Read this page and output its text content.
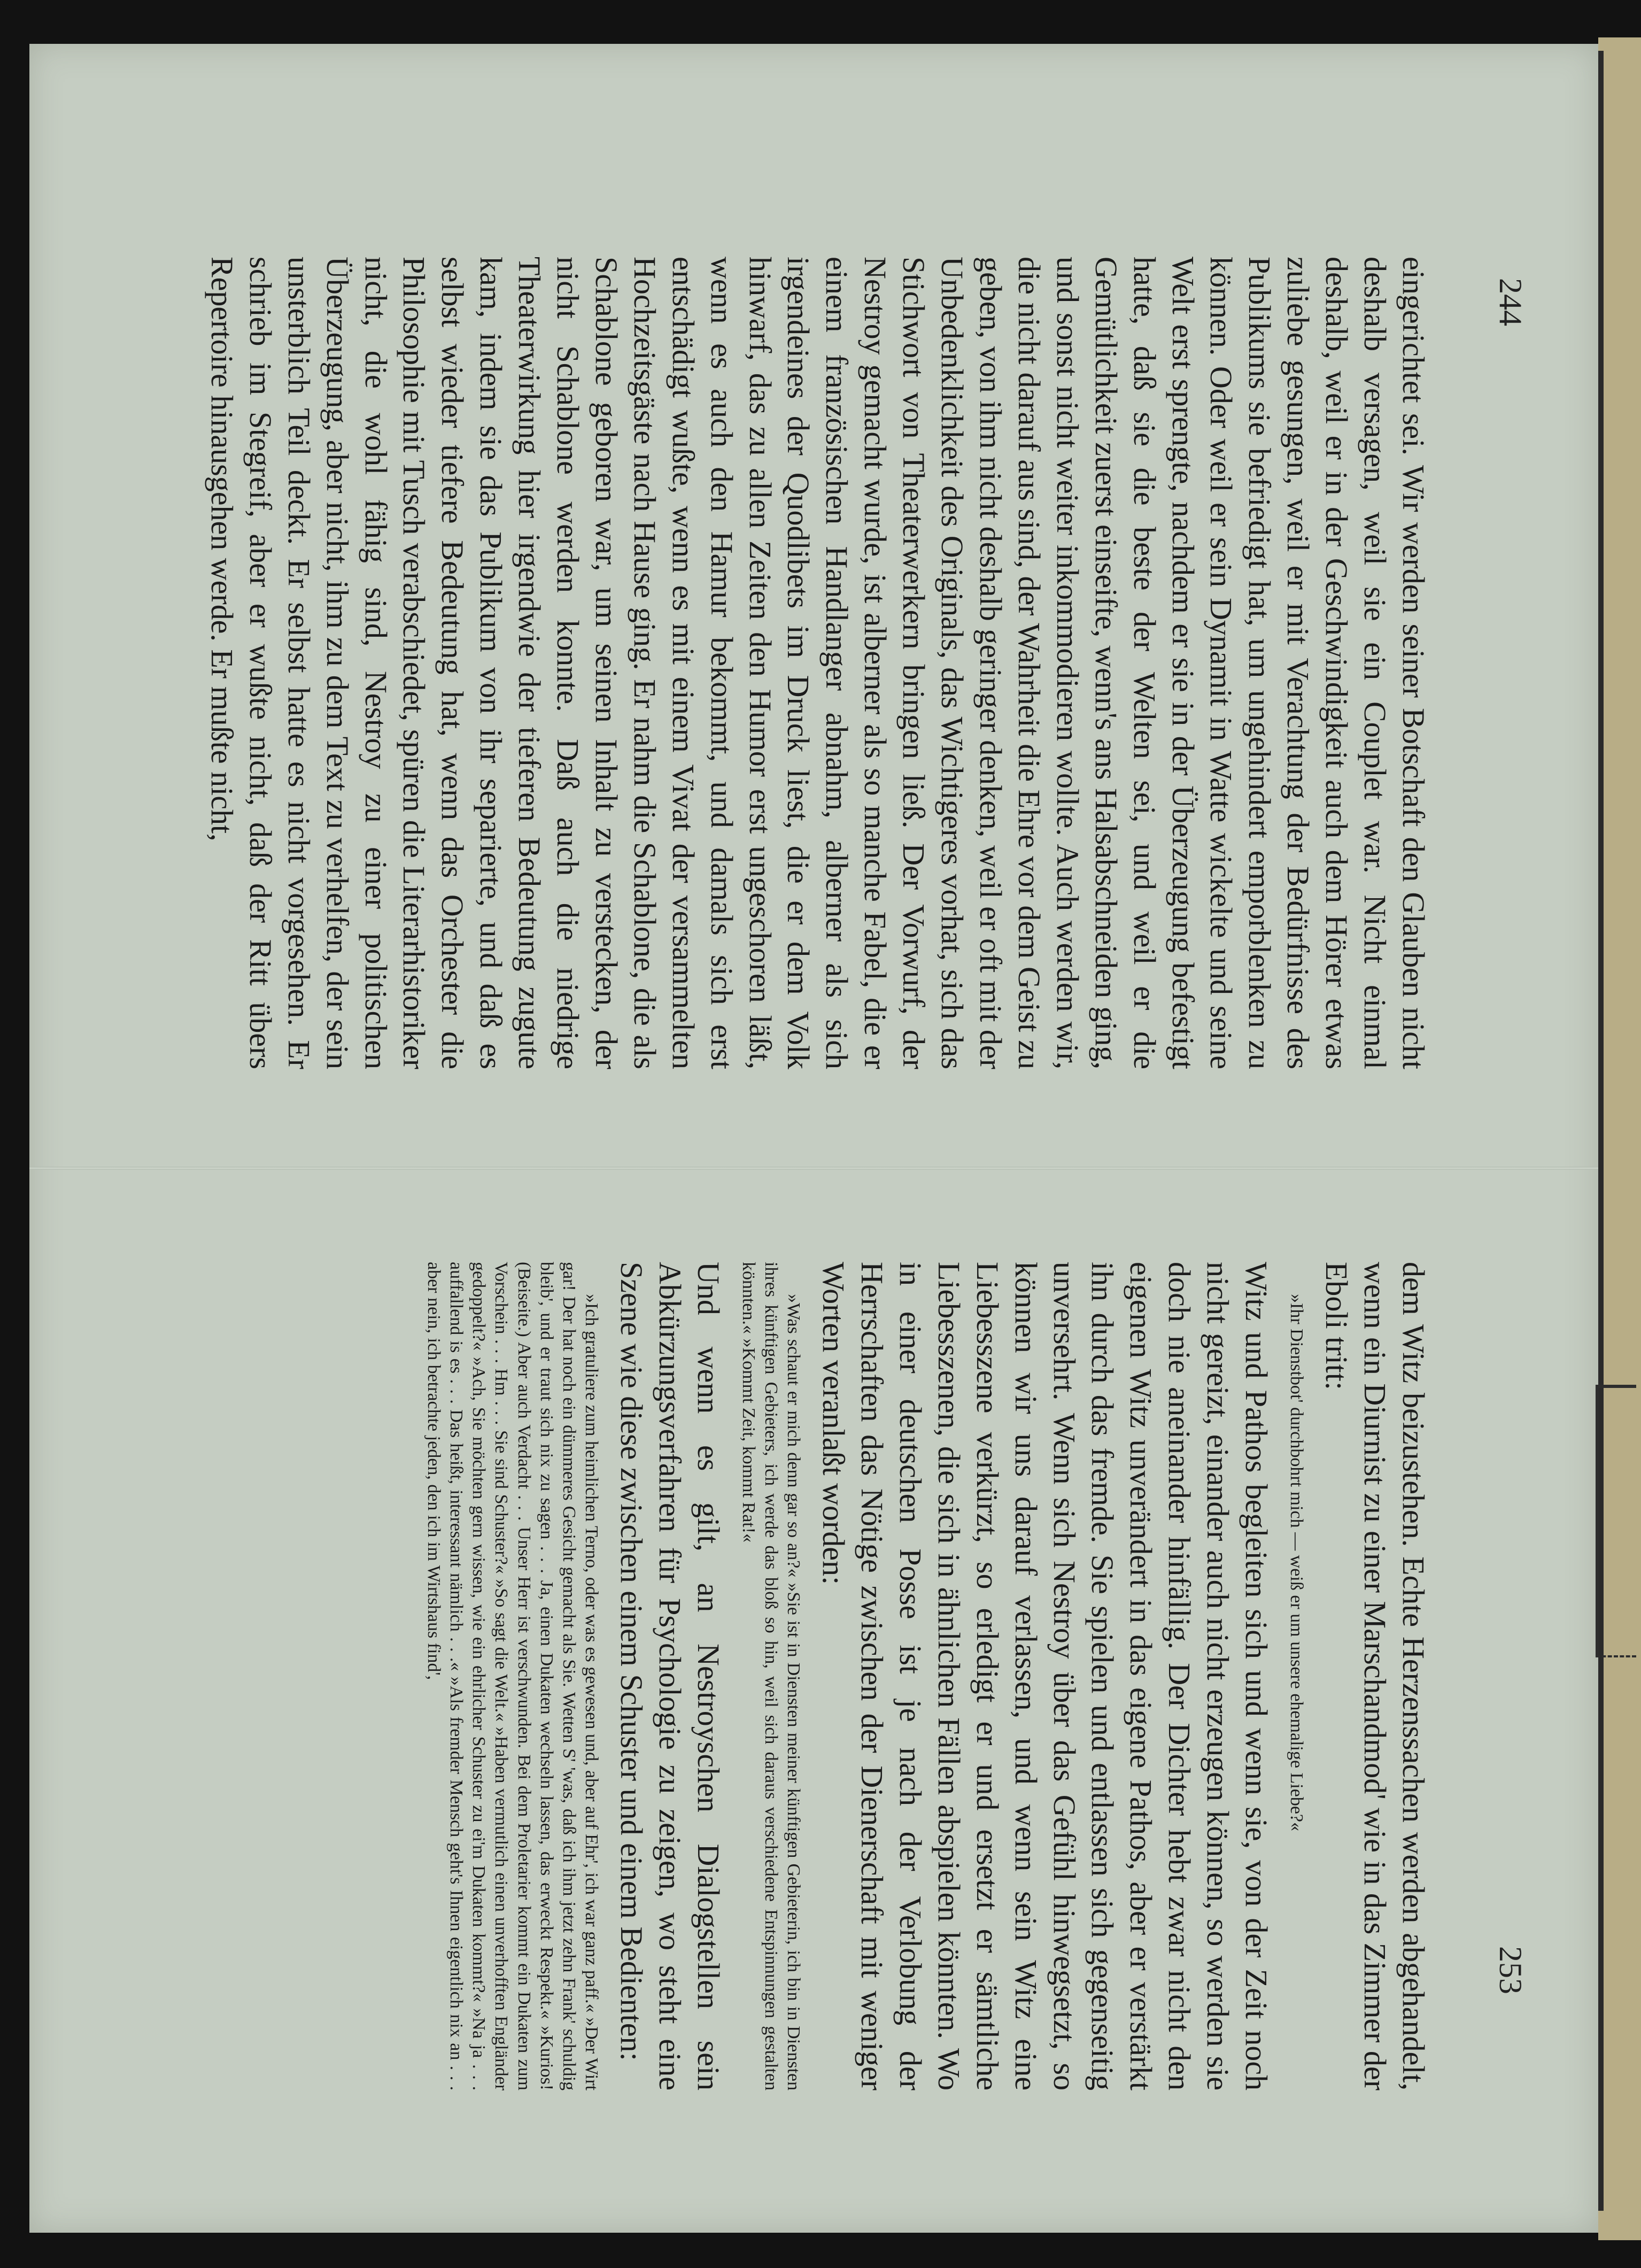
244

eingerichtet sei. Wir werden seiner Botschaft den Glauben nicht deshalb versagen, weil sie ein Couplet war. Nicht einmal deshalb, weil er in der Geschwindigkeit auch dem Hörer etwas zuliebe gesungen, weil er mit Verachtung der Bedürfnisse des Publikums sie befriedigt hat, um ungehindert emporblenken zu können. Oder weil er sein Dynamit in Watte wickelte und seine Welt erst sprengte, nachdem er sie in der Überzeugung befestigt hatte, daß sie die beste der Welten sei, und weil er die Gemütlichkeit zuerst einseifte, wenn's ans Halsabschneiden ging, und sonst nicht weiter inkommodieren wollte. Auch werden wir, die nicht darauf aus sind, der Wahrheit die Ehre vor dem Geist zu geben, von ihm nicht deshalb geringer denken, weil er oft mit der Unbedenklichkeit des Originals, das Wichtigeres vorhat, sich das Stichwort von Theaterwerkern bringen ließ. Der Vorwurf, der Nestroy gemacht wurde, ist alberner als so manche Fabel, die er einem französischen Handlanger abnahm, alberner als sich irgendeines der Quodlibets im Druck liest, die er dem Volk hinwarf, das zu allen Zeiten den Humor erst ungeschoren läßt, wenn es auch den Hamur bekommt, und damals sich erst entschädigt wußte, wenn es mit einem Vivat der versammelten Hochzeitsgäste nach Hause ging. Er nahm die Schablone, die als Schablone geboren war, um seinen Inhalt zu verstecken, der nicht Schablone werden konnte. Daß auch die niedrige Theaterwirkung hier irgendwie der tieferen Bedeutung zugute kam, indem sie das Publikum von ihr separierte, und daß es selbst wieder tiefere Bedeutung hat, wenn das Orchester die Philosophie mit Tusch verabschiedet, spüren die Literarhistoriker nicht, die wohl fähig sind, Nestroy zu einer politischen Überzeugung, aber nicht, ihm zu dem Text zu verhelfen, der sein unsterblich Teil deckt. Er selbst hatte es nicht vorgesehen. Er schrieb im Stegreif, aber er wußte nicht, daß der Ritt übers Repertoire hinausgehen werde. Er mußte nicht,

253

dem Witz beizustehen. Echte Herzenssachen werden abgehandelt, wenn ein Diurnist zu einer Marschandmod' wie in das Zimmer der Eboli tritt:

»Ihr Dienstbot' durchbohrt mich — weiß er um unsere ehemalige Liebe?«

Witz und Pathos begleiten sich und wenn sie, von der Zeit noch nicht gereizt, einander auch nicht erzeugen können, so werden sie doch nie aneinander hinfällig. Der Dichter hebt zwar nicht den eigenen Witz unverändert in das eigene Pathos, aber er verstärkt ihn durch das fremde. Sie spielen und entlassen sich gegenseitig unversehrt. Wenn sich Nestroy über das Gefühl hinwegsetzt, so können wir uns darauf verlassen, und wenn sein Witz eine Liebesszene verkürzt, so erledigt er und ersetzt er sämtliche Liebesszenen, die sich in ähnlichen Fällen abspielen könnten. Wo in einer deutschen Posse ist je nach der Verlobung der Herrschaften das Nötige zwischen der Dienerschaft mit weniger Worten veranlaßt worden:

»Was schaut er mich denn gar so an?« »Sie ist in Diensten meiner künftigen Gebieterin, ich bin in Diensten ihres künftigen Gebieters, ich werde das bloß so hin, weil sich daraus verschiedene Entspinnungen gestalten könnten.« »Kommt Zeit, kommt Rat!«

Und wenn es gilt, an Nestroyschen Dialogstellen sein Abkürzungsverfahren für Psychologie zu zeigen, wo steht eine Szene wie diese zwischen einem Schuster und einem Bedienten:

»Ich gratuliere zum heimlichen Terno, oder was es gewesen und, aber auf Ehr', ich war ganz paff.« »Der Wirt gar! Der hat noch ein dümmeres Gesicht gemacht als Sie. Wetten S' 'was, daß ich ihm jetzt zehn Frank' schuldig bleib', und er traut sich nix zu sagen . . . Ja, einen Dukaten wechseln lassen, das erweckt Respekt.« »Kurios! (Beiseite.) Aber auch Verdacht . . . Unser Herr ist verschwunden. Bei dem Proletarier kommt ein Dukaten zum Vorschein . . . Hm . . . Sie sind Schuster?« »So sagt die Welt.« »Haben vermutlich einen unverhofften Engländer gedoppelt?« »Ach, Sie möchten gern wissen, wie ein ehrlicher Schuster zu ei'm Dukaten kommt?« »Na ja . . . auffallend is es . . . Das heißt, interessant nämlich . . .« »Als fremder Mensch geht's Ihnen eigentlich nix an . . . aber nein, ich betrachte jeden, den ich im Wirtshaus find',
